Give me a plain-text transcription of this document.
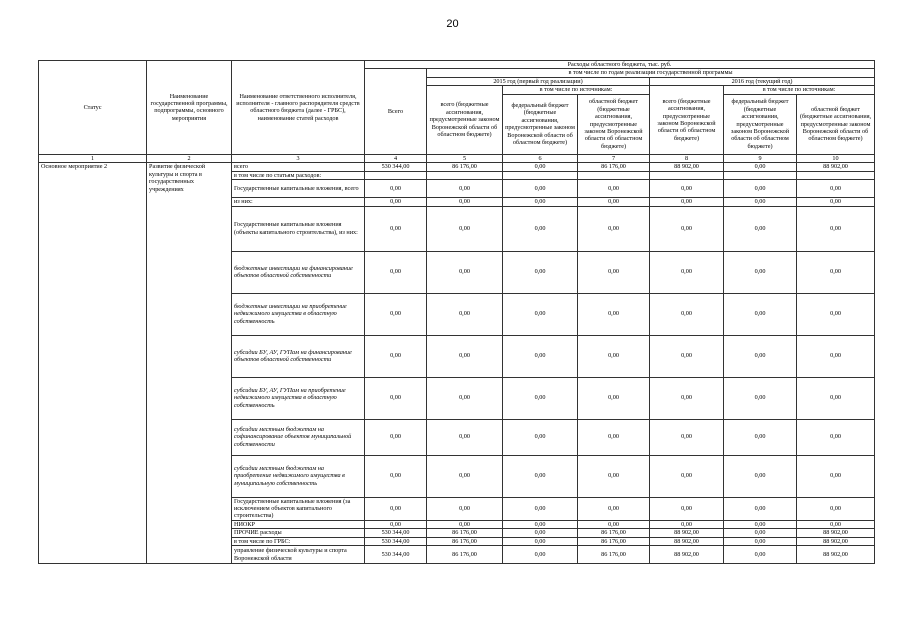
20
Статус	Наименование государственной программы, подпрограммы, основного мероприятия	Наименование ответственного исполнителя, исполнителя - главного распорядителя средств областного бюджета (далее - ГРБС), наименование статей расходов	Расходы областного бюджета, тыс. руб.						
			Всего	в том числе по годам реализации государственной программы					
				2015 год (первый год реализации)			2016 год (текущий год)		
				всего (бюджетные ассигнования, предусмотренные законом Воронежской области об областном бюджете)	в том числе по источникам:		всего (бюджетные ассигнования, предусмотренные законом Воронежской области об областном бюджете)	в том числе по источникам:	
					федеральный бюджет (бюджетные ассигнования, предусмотренные законом Воронежской области об областном бюджете)	областной бюджет (бюджетные ассигнования, предусмотренные законом Воронежской области об областном бюджете)		федеральный бюджет (бюджетные ассигнования, предусмотренные законом Воронежской области об областном бюджете)	областной бюджет (бюджетные ассигнования, предусмотренные законом Воронежской области об областном бюджете)
1	2	3	4	5	6	7	8	9	10
Основное мероприятие 2	Развитие физической культуры и спорта в государственных учреждениях	всего	530 344,00	86 176,00	0,00	86 176,00	88 902,00	0,00	88 902,00
		в том числе по статьям расходов:							
		Государственные капитальные вложения, всего	0,00	0,00	0,00	0,00	0,00	0,00	0,00
		из них:	0,00	0,00	0,00	0,00	0,00	0,00	0,00
		Государственные капитальные вложения (объекты капитального строительства), из них:	0,00	0,00	0,00	0,00	0,00	0,00	0,00
		бюджетные инвестиции на финансирование объектов областной собственности	0,00	0,00	0,00	0,00	0,00	0,00	0,00
		бюджетные инвестиции на приобретение недвижимого имущества в областную собственность	0,00	0,00	0,00	0,00	0,00	0,00	0,00
		субсидии БУ, АУ, ГУПам на финансирование объектов областной собственности	0,00	0,00	0,00	0,00	0,00	0,00	0,00
		субсидии БУ, АУ, ГУПам на приобретение недвижимого имущества в областную собственность	0,00	0,00	0,00	0,00	0,00	0,00	0,00
		субсидии местным бюджетам на софинансирование объектов муниципальной собственности	0,00	0,00	0,00	0,00	0,00	0,00	0,00
		субсидии местным бюджетам на приобретение недвижимого имущества в муниципальную собственность	0,00	0,00	0,00	0,00	0,00	0,00	0,00
		Государственные капитальные вложения (за исключением объектов капитального строительства)	0,00	0,00	0,00	0,00	0,00	0,00	0,00
		НИОКР	0,00	0,00	0,00	0,00	0,00	0,00	0,00
		ПРОЧИЕ расходы	530 344,00	86 176,00	0,00	86 176,00	88 902,00	0,00	88 902,00
		в том числе по ГРБС:	530 344,00	86 176,00	0,00	86 176,00	88 902,00	0,00	88 902,00
		управление физической культуры и спорта Воронежской области	530 344,00	86 176,00	0,00	86 176,00	88 902,00	0,00	88 902,00
